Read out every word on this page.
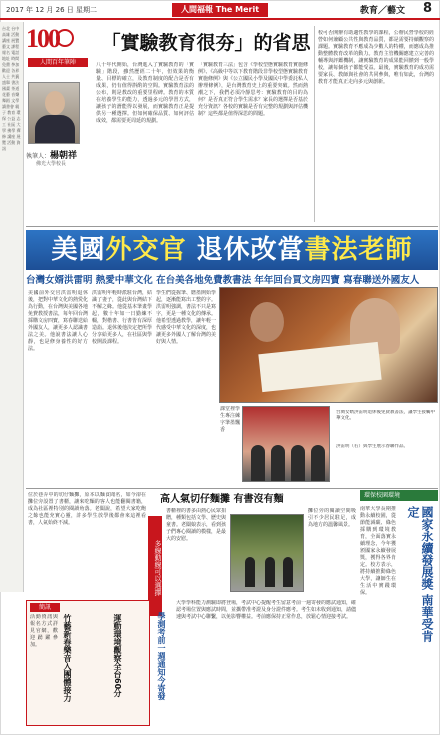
2017 年 12 月 26 日 星期二	人間福報 The Merit Times
教育／藝文 8
台北 台中 高雄 活動 講座 展覽 藝文 課程 報名 電話 地址 時間 免費 參加 歡迎 各界 人士 共襄 盛舉 書法 國畫 茶道 花藝 音樂 舞蹈 文學 讀書會 親子 教育 環保 公益 志工 社區 大學 佛學 禪修 講座 展覽 活動 資訊
100
人間百年筆陣
「實驗教育很夯」的省思
執筆人：楊朝祥
佛光大學校長
八十年代開始，台灣進入了實驗教育的「實驗」階段，雖然歷經二十年，但效果的衡量、目標的確立，及教育制度的配合是否有成果，仍有值得斟酌的空間。實驗教育法的公布，則是教改的重要里程碑。教育的本質在培養學生的能力，透過多元的學習方式，讓孩子的潛能得以發展，而實驗教育正是提供另一種選擇。但如何確保品質、如何評估成效，都需要更周延的規劃。
「實驗教育三法」包含《學校型態實驗教育實施條例》、《高級中等以下教育階段非學校型態實驗教育實施條例》與《公立國民小學及國民中學委託私人辦理條例》，是台灣教育史上的重要突破。然而熱潮之下，我們必須冷靜思考：實驗教育的目的為何？是否真正符合學生需求？家長的選擇是否基於充分資訊？各校的實驗是否有完整的規劃與評估機制？這些都是值得深思的問題。
校可否開辦有助適性教學的課程，公辦民營學校的經營如何兼顧公共性與教育品質，都是需要持續觀察的課題。實驗教育不應成為少數人的特權，而應成為推動整體教育改革的動力。教育主管機關應建立完善的輔導與評鑑機制，讓實驗教育的成果能回饋到一般學校，讓每個孩子都能受益。最後，實驗教育的成功需要家長、教師與社會的共同參與，唯有如此，台灣的教育才能真正走向多元與創新。
美國外交官 退休改當書法老師
台灣女婿洪雷明 熱愛中華文化 在台美各地免費教書法 年年回台買文房四寶 寫春聯送外國友人
美國前外交官洪雷明退休後，把對中華文化的熱愛化為行動，在台灣與美國各地免費教授書法，每年回台灣採購文房四寶，寫春聯送給外國友人，讓更多人認識書法之美。他說書法讓人心靜，也是修身養性的好方法。
洪雷明年輕時派駐台灣，結識了妻子，從此與台灣結下不解之緣。他從基本筆畫學起，數十年如一日勤練不輟，對楷書、行書皆有深厚造詣。退休後他決定把所學分享給更多人，在社區與學校開設課程。
學生們從握筆、磨墨開始學起，逐漸能寫出工整的字。洪雷明強調，書法不只是寫字，更是一種文化的傳承。他希望透過教學，讓年輕一代感受中華文化的深度，也讓更多外國人了解台灣的美好與人情。
台灣女婿洪雷明退休後免費教書法，讓學生接觸中華文化。
洪雷明（右）與學生展示春聯作品。
課堂裡學生專注練字筆墨飄香
高人氣切仔麵攤 有書沒有麵
多線動線可以選擇
位於巷弄中的切仔麵攤，原本以麵食聞名，如今卻在攤位旁設置了書櫃，讓來吃麵的客人也能翻閱書籍，成為社區裡特別的閱讀角落。老闆說，希望大家吃飽之餘也能充實心靈，許多學生放學後都會來這裡看書，人氣始終不減。
書櫃裡的書多由熱心民眾捐贈，種類包括文學、歷史與童書。老闆娘表示，看到孩子們專心閱讀的模樣，是最大的安慰。
攤位旁的閱讀空間吸引不少居民駐足，成為地方的溫馨風景。
環保校園環境
國家永續發展獎 南華受肯定
南華大學長期推動永續校園，從節能減碳、綠色採購到環境教育，全面落實永續理念，今年獲頒國家永續發展獎，獲得各界肯定。校方表示，將持續推動綠色大學，讓師生在生活中實踐環保。
簡訊
竹藝新春樂音入團體接力	運動環境觀察全台60分
活動資訊與報名方式詳見官網，歡迎踴躍參加。	學測考前一週通知今寄發
大學學科能力測驗即將登場，考試中心提醒考生留意考前一週寄發的應試通知，確認考場位置與應試時間，並攜帶准考證及身分證件應考。考生如未收到通知，請儘速與考試中心聯繫，以免影響權益。考前應保持正常作息，放鬆心情迎接考試。
